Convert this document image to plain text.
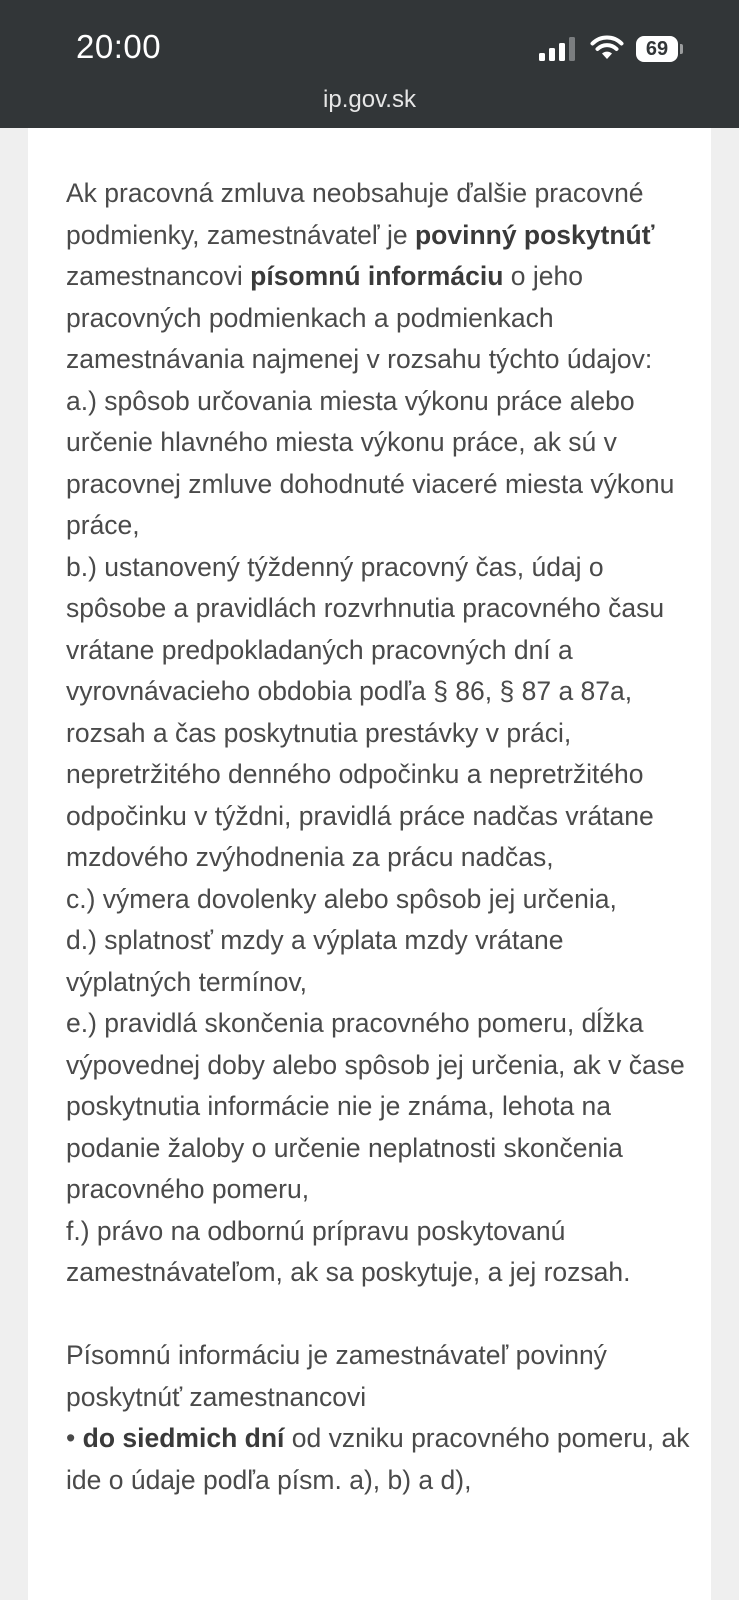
20:00	69
ip.gov.sk

Ak pracovná zmluva neobsahuje ďalšie pracovné podmienky, zamestnávateľ je povinný poskytnúť zamestnancovi písomnú informáciu o jeho pracovných podmienkach a podmienkach zamestnávania najmenej v rozsahu týchto údajov:

a.) spôsob určovania miesta výkonu práce alebo určenie hlavného miesta výkonu práce, ak sú v pracovnej zmluve dohodnuté viaceré miesta výkonu práce,

b.) ustanovený týždenný pracovný čas, údaj o spôsobe a pravidlách rozvrhnutia pracovného času vrátane predpokladaných pracovných dní a vyrovnávacieho obdobia podľa § 86, § 87 a 87a, rozsah a čas poskytnutia prestávky v práci, nepretržitého denného odpočinku a nepretržitého odpočinku v týždni, pravidlá práce nadčas vrátane mzdového zvýhodnenia za prácu nadčas,

c.) výmera dovolenky alebo spôsob jej určenia,

d.) splatnosť mzdy a výplata mzdy vrátane výplatných termínov,

e.) pravidlá skončenia pracovného pomeru, dĺžka výpovednej doby alebo spôsob jej určenia, ak v čase poskytnutia informácie nie je známa, lehota na podanie žaloby o určenie neplatnosti skončenia pracovného pomeru,

f.) právo na odbornú prípravu poskytovanú zamestnávateľom, ak sa poskytuje, a jej rozsah.

Písomnú informáciu je zamestnávateľ povinný poskytnúť zamestnancovi

• do siedmich dní od vzniku pracovného pomeru, ak ide o údaje podľa písm. a), b) a d),
